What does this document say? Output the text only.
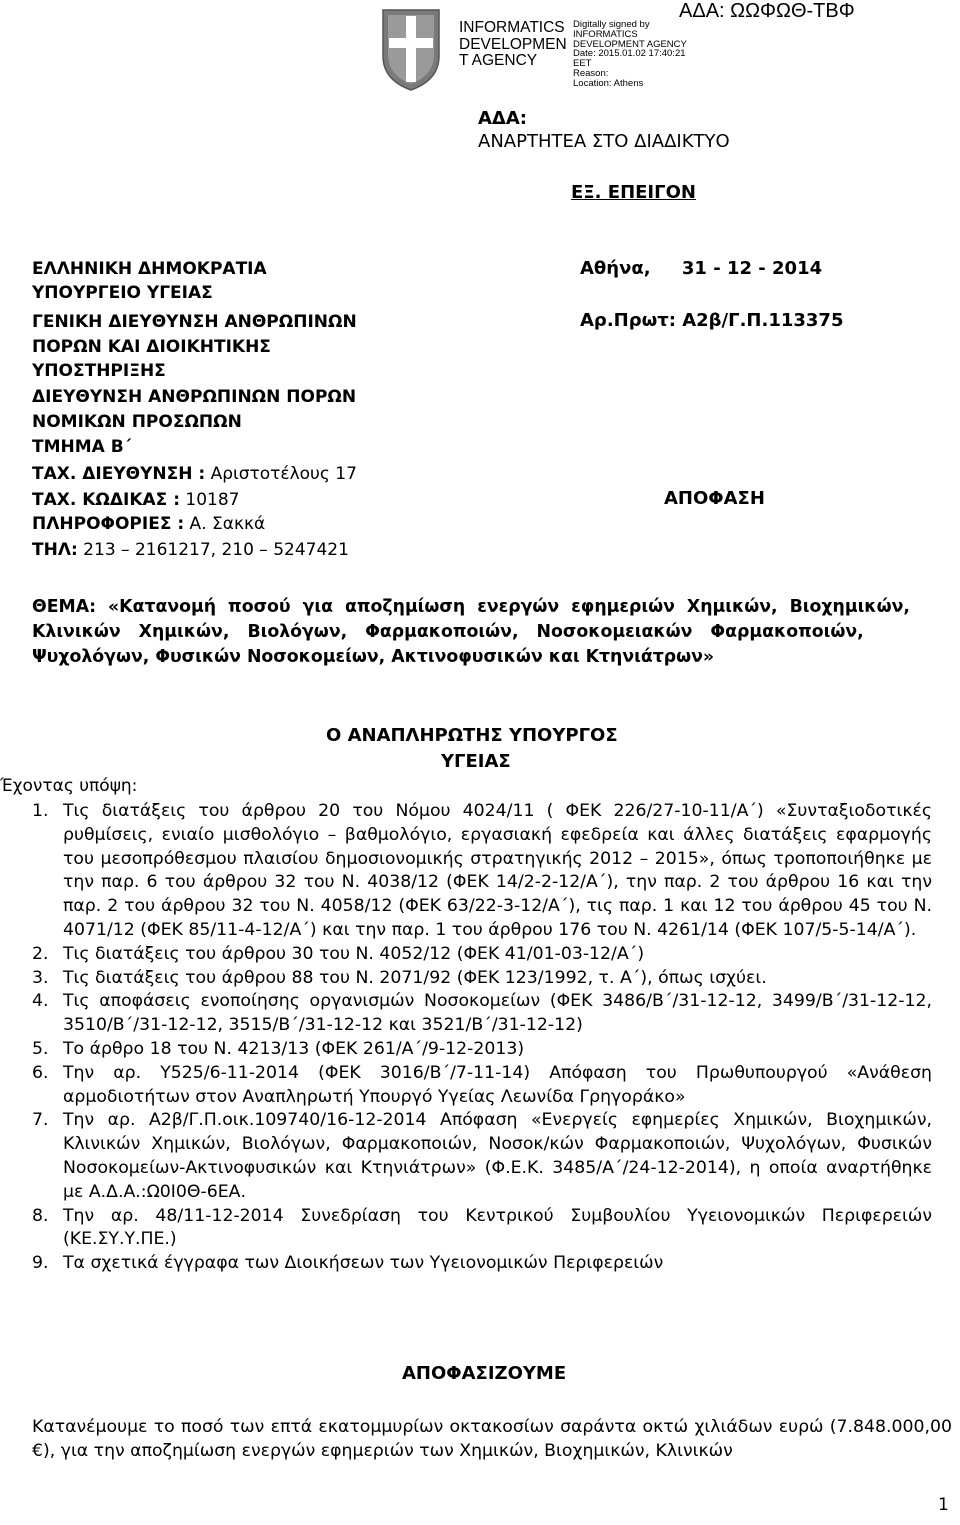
INFORMATICS DEVELOPMEN T AGENCY
Digitally signed by
INFORMATICS
DEVELOPMENT AGENCY
Date: 2015.01.02 17:40:21
EET
Reason:
Location: Athens
ΑΔΑ: ΩΩΦΩΘ-ΤΒΦ
ΑΔΑ:
ΑΝΑΡΤΗΤΕΑ ΣΤΟ ΔΙΑΔΙΚΤΥΟ
ΕΞ. ΕΠΕΙΓΟΝ
ΕΛΛΗΝΙΚΗ ΔΗΜΟΚΡΑΤΙΑ
ΥΠΟΥΡΓΕΙΟ ΥΓΕΙΑΣ
ΓΕΝΙΚΗ ΔΙΕΥΘΥΝΣΗ ΑΝΘΡΩΠΙΝΩΝ
ΠΟΡΩΝ ΚΑΙ ΔΙΟΙΚΗΤΙΚΗΣ
ΥΠΟΣΤΗΡΙΞΗΣ
ΔΙΕΥΘΥΝΣΗ ΑΝΘΡΩΠΙΝΩΝ ΠΟΡΩΝ
ΝΟΜΙΚΩΝ ΠΡΟΣΩΠΩΝ
ΤΜΗΜΑ Β΄
ΤΑΧ. ΔΙΕΥΘΥΝΣΗ : Αριστοτέλους 17
ΤΑΧ. ΚΩΔΙΚΑΣ : 10187
ΠΛΗΡΟΦΟΡΙΕΣ : Α. Σακκά
ΤΗΛ: 213 – 2161217, 210 – 5247421
Αθήνα,     31 - 12 - 2014
Αρ.Πρωτ: Α2β/Γ.Π.113375
ΑΠΟΦΑΣΗ
ΘΕΜΑ:  «Κατανομή  ποσού  για  αποζημίωση  ενεργών  εφημεριών  Χημικών,  Βιοχημικών,
Κλινικών   Χημικών,   Βιολόγων,   Φαρμακοποιών,   Νοσοκομειακών   Φαρμακοποιών,
Ψυχολόγων, Φυσικών Νοσοκομείων, Ακτινοφυσικών και Κτηνιάτρων»
Ο ΑΝΑΠΛΗΡΩΤΗΣ ΥΠΟΥΡΓΟΣ
ΥΓΕΙΑΣ
Έχοντας υπόψη:
1. Τις διατάξεις του άρθρου 20 του Νόμου 4024/11 ( ΦΕΚ 226/27-10-11/Α΄) «Συνταξιοδοτικές ρυθμίσεις, ενιαίο μισθολόγιο – βαθμολόγιο, εργασιακή εφεδρεία και άλλες διατάξεις εφαρμογής του μεσοπρόθεσμου πλαισίου δημοσιονομικής στρατηγικής 2012 – 2015», όπως τροποποιήθηκε με την παρ. 6 του άρθρου 32 του Ν. 4038/12 (ΦΕΚ 14/2-2-12/Α΄), την παρ. 2 του άρθρου 16 και την παρ. 2 του άρθρου 32 του Ν. 4058/12 (ΦΕΚ 63/22-3-12/Α΄), τις παρ. 1 και 12 του άρθρου 45 του Ν. 4071/12 (ΦΕΚ 85/11-4-12/Α΄) και την παρ. 1 του άρθρου 176 του Ν. 4261/14 (ΦΕΚ 107/5-5-14/Α΄).
2. Τις διατάξεις του άρθρου 30 του Ν. 4052/12 (ΦΕΚ 41/01-03-12/Α΄)
3. Τις διατάξεις του άρθρου 88 του Ν. 2071/92 (ΦΕΚ 123/1992, τ. Α΄), όπως ισχύει.
4. Τις αποφάσεις ενοποίησης οργανισμών Νοσοκομείων (ΦΕΚ 3486/Β΄/31-12-12, 3499/Β΄/31-12-12, 3510/Β΄/31-12-12, 3515/Β΄/31-12-12 και 3521/Β΄/31-12-12)
5. Το άρθρο 18 του Ν. 4213/13 (ΦΕΚ 261/Α΄/9-12-2013)
6. Την αρ. Υ525/6-11-2014 (ΦΕΚ 3016/Β΄/7-11-14) Απόφαση του Πρωθυπουργού «Ανάθεση αρμοδιοτήτων στον Αναπληρωτή Υπουργό Υγείας Λεωνίδα Γρηγοράκο»
7. Την αρ. Α2β/Γ.Π.οικ.109740/16-12-2014 Απόφαση «Ενεργείς εφημερίες Χημικών, Βιοχημικών, Κλινικών Χημικών, Βιολόγων, Φαρμακοποιών, Νοσοκ/κών Φαρμακοποιών, Ψυχολόγων, Φυσικών Νοσοκομείων-Ακτινοφυσικών και Κτηνιάτρων» (Φ.Ε.Κ. 3485/Α΄/24-12-2014), η οποία αναρτήθηκε με Α.Δ.Α.:Ω0Ι0Θ-6ΕΑ.
8. Την αρ. 48/11-12-2014 Συνεδρίαση του Κεντρικού Συμβουλίου Υγειονομικών Περιφερειών (ΚΕ.ΣΥ.Υ.ΠΕ.)
9. Τα σχετικά έγγραφα των Διοικήσεων των Υγειονομικών Περιφερειών
ΑΠΟΦΑΣΙΖΟΥΜΕ
Κατανέμουμε το ποσό των επτά εκατομμυρίων οκτακοσίων σαράντα οκτώ χιλιάδων ευρώ (7.848.000,00 €), για την αποζημίωση ενεργών εφημεριών των Χημικών, Βιοχημικών, Κλινικών
1
